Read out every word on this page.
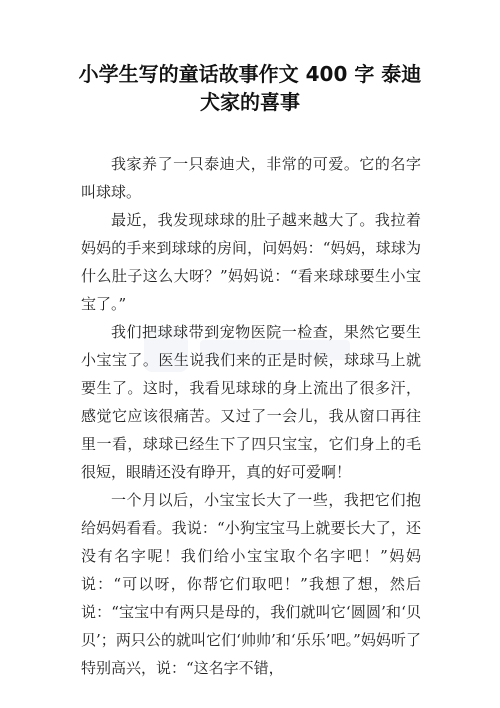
小学生写的童话故事作文 400 字 泰迪
犬家的喜事

我家养了一只泰迪犬，非常的可爱。它的名字叫球球。

最近，我发现球球的肚子越来越大了。我拉着妈妈的手来到球球的房间，问妈妈：“妈妈，球球为什么肚子这么大呀？”妈妈说：“看来球球要生小宝宝了。”

我们把球球带到宠物医院一检查，果然它要生小宝宝了。医生说我们来的正是时候，球球马上就要生了。这时，我看见球球的身上流出了很多汗，感觉它应该很痛苦。又过了一会儿，我从窗口再往里一看，球球已经生下了四只宝宝，它们身上的毛很短，眼睛还没有睁开，真的好可爱啊！

一个月以后，小宝宝长大了一些，我把它们抱给妈妈看看。我说：“小狗宝宝马上就要长大了，还没有名字呢！我们给小宝宝取个名字吧！”妈妈说：“可以呀，你帮它们取吧！”我想了想，然后说：“宝宝中有两只是母的，我们就叫它‘圆圆’和‘贝贝’；两只公的就叫它们‘帅帅’和‘乐乐’吧。”妈妈听了特别高兴，说：“这名字不错，
